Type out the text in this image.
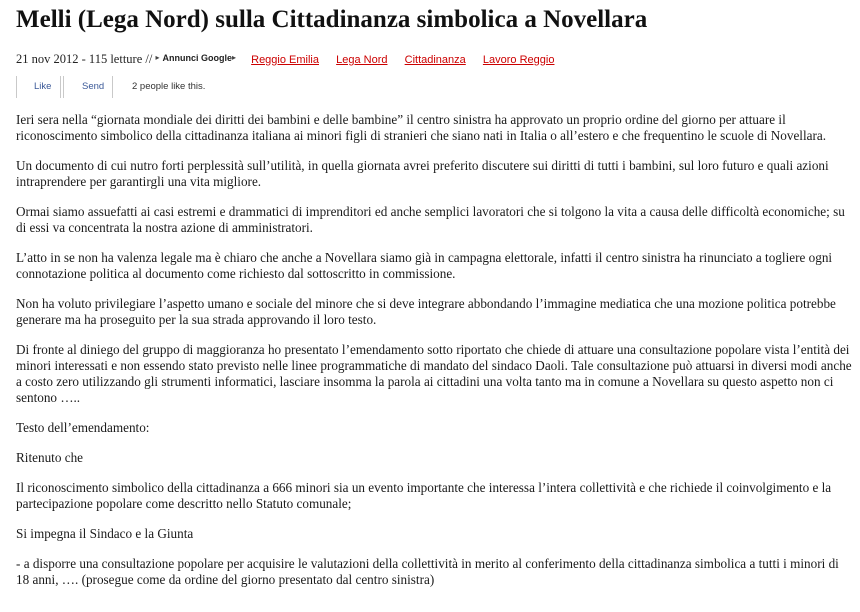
Melli (Lega Nord) sulla Cittadinanza simbolica a Novellara
21 nov 2012 - 115 letture // ▸ Annunci Google▸ Reggio Emilia Lega Nord Cittadinanza Lavoro Reggio
Like	Send	2 people like this.

Ieri sera nella “giornata mondiale dei diritti dei bambini e delle bambine” il centro sinistra ha approvato un proprio ordine del giorno per attuare il riconoscimento simbolico della cittadinanza italiana ai minori figli di stranieri che siano nati in Italia o all’estero e che frequentino le scuole di Novellara.

Un documento di cui nutro forti perplessità sull’utilità, in quella giornata avrei preferito discutere sui diritti di tutti i bambini, sul loro futuro e quali azioni intraprendere per garantirgli una vita migliore.

Ormai siamo assuefatti ai casi estremi e drammatici di imprenditori ed anche semplici lavoratori che si tolgono la vita a causa delle difficoltà economiche; su di essi va concentrata la nostra azione di amministratori.

L’atto in se non ha valenza legale ma è chiaro che anche a Novellara siamo già in campagna elettorale, infatti il centro sinistra ha rinunciato a togliere ogni connotazione politica al documento come richiesto dal sottoscritto in commissione.

Non ha voluto privilegiare l’aspetto umano e sociale del minore che si deve integrare abbondando l’immagine mediatica che una mozione politica potrebbe generare ma ha proseguito per la sua strada approvando il loro testo.

Di fronte al diniego del gruppo di maggioranza ho presentato l’emendamento sotto riportato che chiede di attuare una consultazione popolare vista l’entità dei minori interessati e non essendo stato previsto nelle linee programmatiche di mandato del sindaco Daoli. Tale consultazione può attuarsi in diversi modi anche a costo zero utilizzando gli strumenti informatici, lasciare insomma la parola ai cittadini una volta tanto ma in comune a Novellara su questo aspetto non ci sentono …..

Testo dell’emendamento:

Ritenuto che

Il riconoscimento simbolico della cittadinanza a 666 minori sia un evento importante che interessa l’intera collettività e che richiede il coinvolgimento e la partecipazione popolare come descritto nello Statuto comunale;

Si impegna il Sindaco e la Giunta

- a disporre una consultazione popolare per acquisire le valutazioni della collettività in merito al conferimento della cittadinanza simbolica a tutti i minori di 18 anni, …. (prosegue come da ordine del giorno presentato dal centro sinistra)
